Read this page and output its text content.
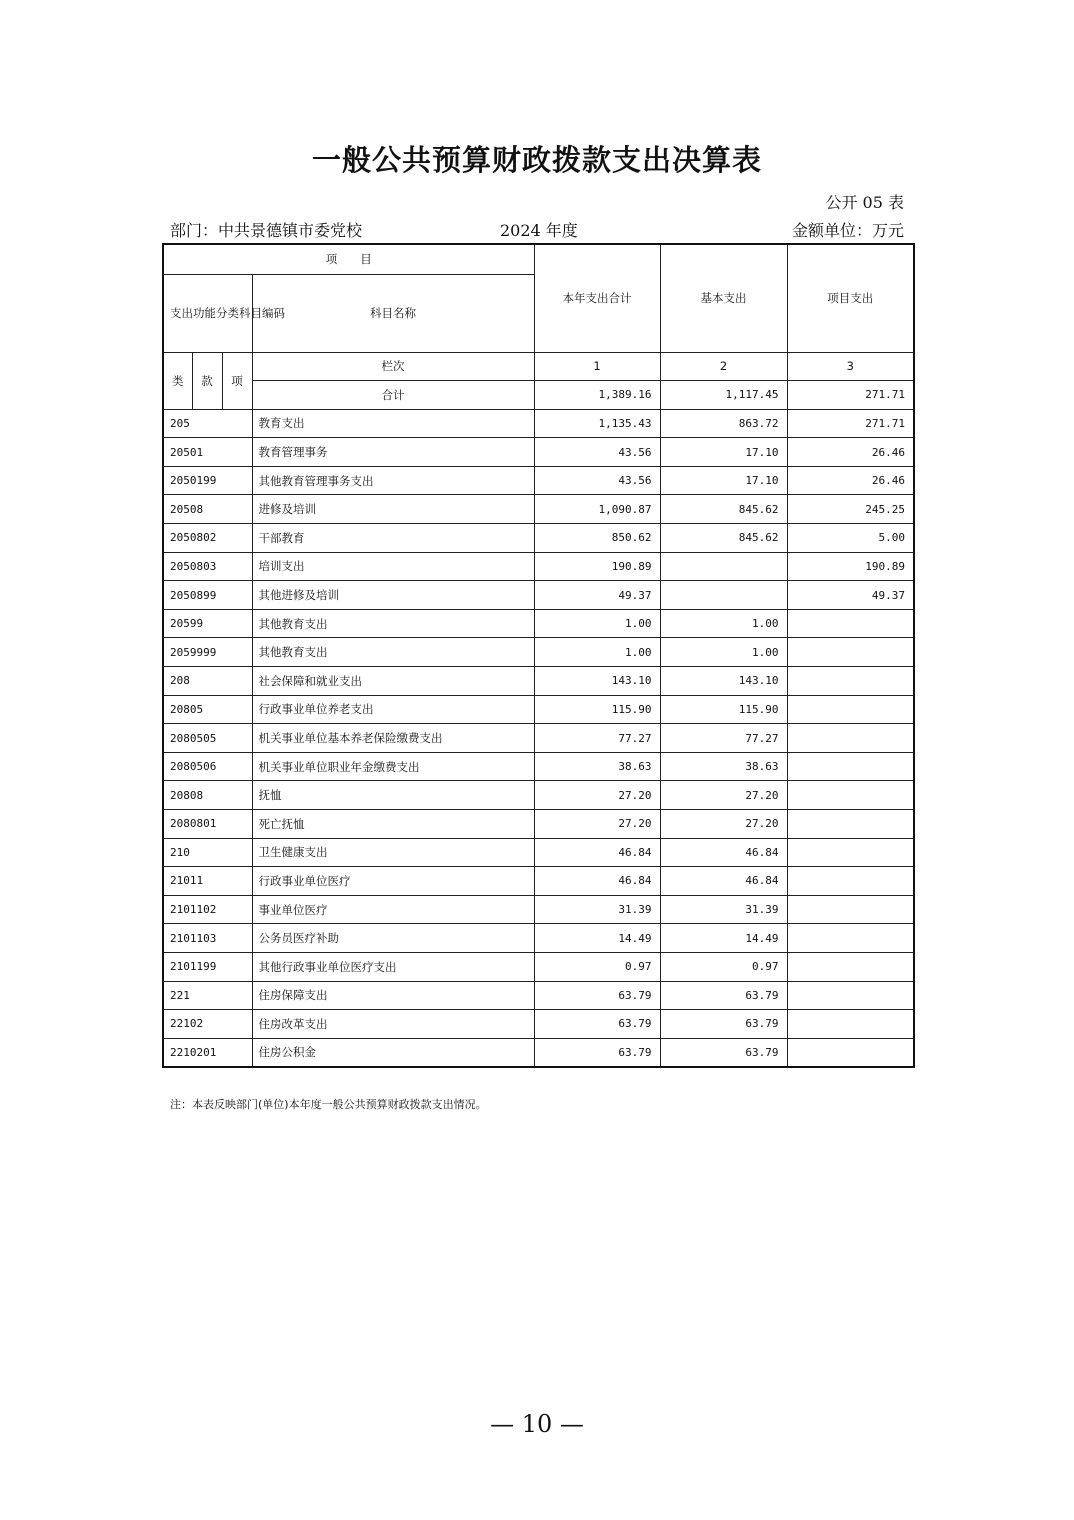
一般公共预算财政拨款支出决算表
公开 05 表
部门：中共景德镇市委党校	2024 年度	金额单位：万元
项　　目				本年支出合计	基本支出	项目支出
支出功能分类科目编码			科目名称			

类	款	项	栏次	1	2	3
			合计	1,389.16	1,117.45	271.71
205			教育支出	1,135.43	863.72	271.71
20501			教育管理事务	43.56	17.10	26.46
2050199			其他教育管理事务支出	43.56	17.10	26.46
20508			进修及培训	1,090.87	845.62	245.25
2050802			干部教育	850.62	845.62	5.00
2050803			培训支出	190.89		190.89
2050899			其他进修及培训	49.37		49.37
20599			其他教育支出	1.00	1.00	
2059999			其他教育支出	1.00	1.00	
208			社会保障和就业支出	143.10	143.10	
20805			行政事业单位养老支出	115.90	115.90	
2080505			机关事业单位基本养老保险缴费支出	77.27	77.27	
2080506			机关事业单位职业年金缴费支出	38.63	38.63	
20808			抚恤	27.20	27.20	
2080801			死亡抚恤	27.20	27.20	
210			卫生健康支出	46.84	46.84	
21011			行政事业单位医疗	46.84	46.84	
2101102			事业单位医疗	31.39	31.39	
2101103			公务员医疗补助	14.49	14.49	
2101199			其他行政事业单位医疗支出	0.97	0.97	
221			住房保障支出	63.79	63.79	
22102			住房改革支出	63.79	63.79	
2210201			住房公积金	63.79	63.79	
注：本表反映部门(单位)本年度一般公共预算财政拨款支出情况。
— 10 —
